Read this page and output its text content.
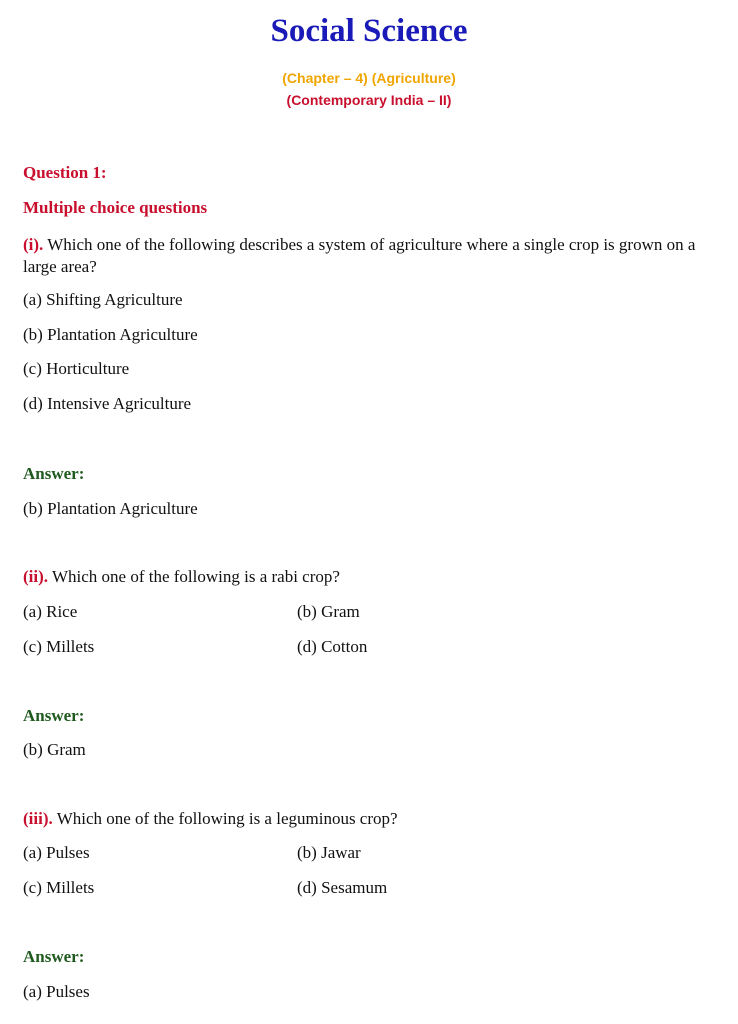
Social Science
(Chapter – 4) (Agriculture)
(Contemporary India – II)
Question 1:
Multiple choice questions
(i). Which one of the following describes a system of agriculture where a single crop is grown on a large area?
(a) Shifting Agriculture
(b) Plantation Agriculture
(c) Horticulture
(d) Intensive Agriculture
Answer:
(b) Plantation Agriculture
(ii). Which one of the following is a rabi crop?
(a) Rice	(b) Gram
(c) Millets	(d) Cotton
Answer:
(b) Gram
(iii). Which one of the following is a leguminous crop?
(a) Pulses	(b) Jawar
(c) Millets	(d) Sesamum
Answer:
(a) Pulses
